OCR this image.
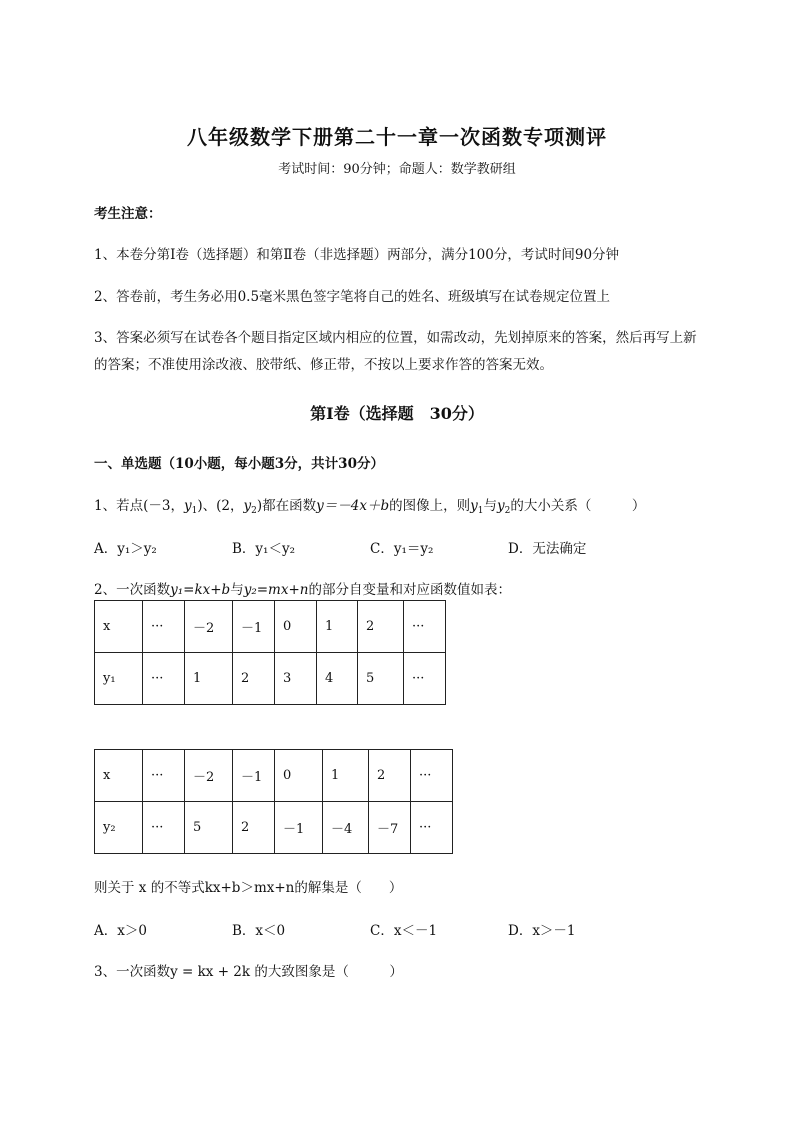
八年级数学下册第二十一章一次函数专项测评
考试时间：90分钟；命题人：数学教研组
考生注意：
1、本卷分第I卷（选择题）和第Ⅱ卷（非选择题）两部分，满分100分，考试时间90分钟
2、答卷前，考生务必用0.5毫米黑色签字笔将自己的姓名、班级填写在试卷规定位置上
3、答案必须写在试卷各个题目指定区域内相应的位置，如需改动，先划掉原来的答案，然后再写上新
的答案；不准使用涂改液、胶带纸、修正带，不按以上要求作答的答案无效。
第I卷（选择题　30分）
一、单选题（10小题，每小题3分，共计30分）
1、若点(－3，$y_1$)、(2，$y_2$)都在函数y＝－4x＋b的图像上，则$y_1$与$y_2$的大小关系（　　　）
A．y₁＞y₂	B．y₁＜y₂	C．y₁＝y₂	D．无法确定
2、一次函数y₁=kx+b与y₂=mx+n的部分自变量和对应函数值如表：
x	···	－2	－1	0	1	2	···
y₁	···	1	2	3	4	5	···
x	···	－2	－1	0	1	2	···
y₂	···	5	2	－1	－4	－7	···
则关于 x 的不等式kx+b＞mx+n的解集是（　　）
A．x＞0	B．x＜0	C．x＜－1	D．x＞－1
3、一次函数y = kx + 2k 的大致图象是（　　　）
